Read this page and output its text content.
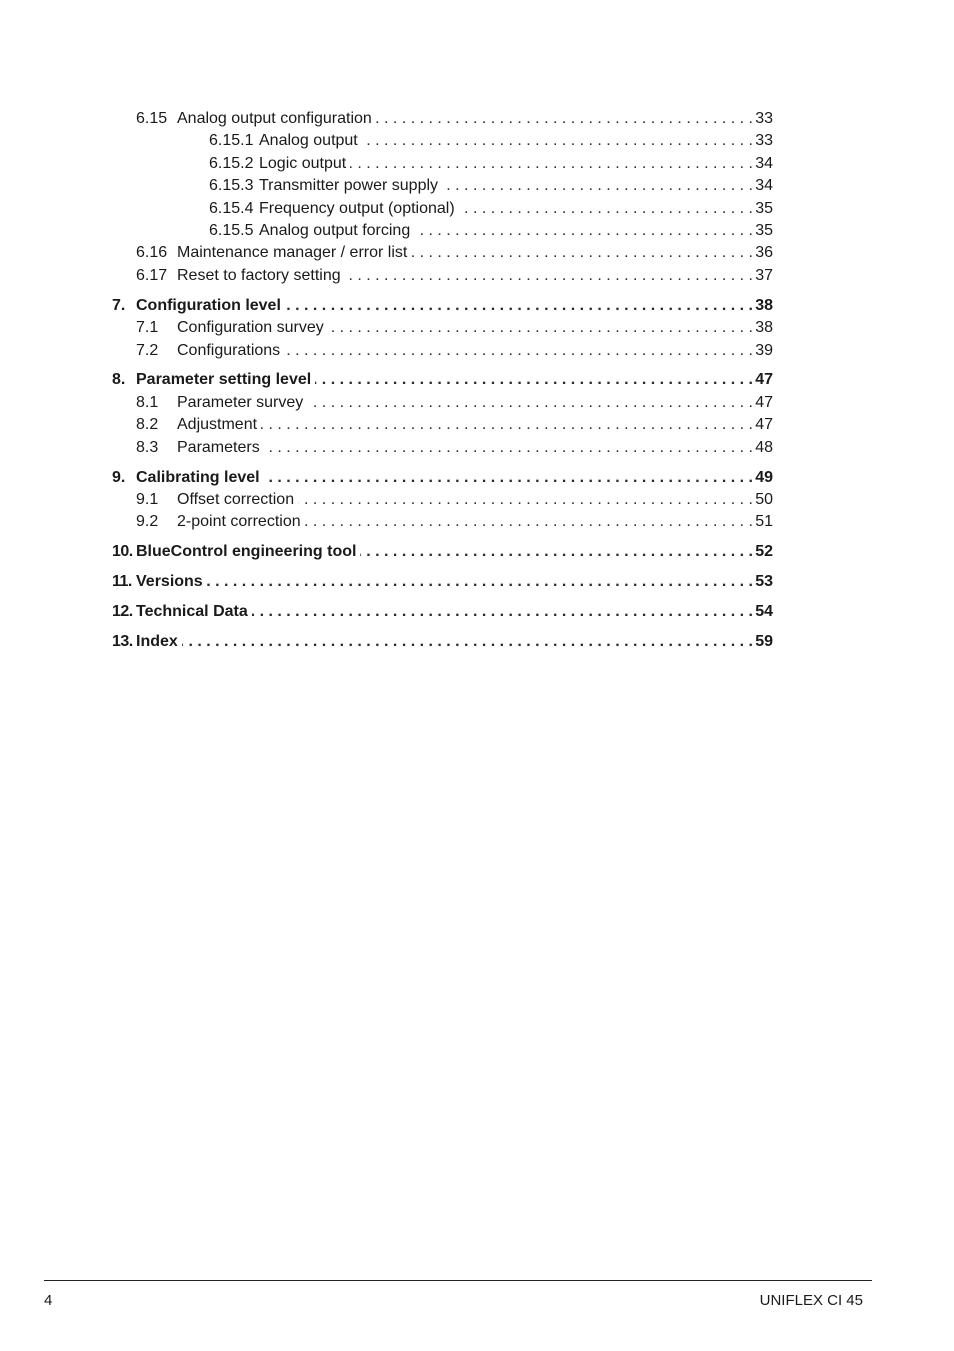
6.15 Analog output configuration . . .	33
6.15.1 Analog output . . .	33
6.15.2 Logic output . . .	34
6.15.3 Transmitter power supply . . .	34
6.15.4 Frequency output (optional) . . .	35
6.15.5 Analog output forcing . . .	35
6.16 Maintenance manager / error list . . .	36
6.17 Reset to factory setting . . .	37
7. Configuration level . . .	38
7.1	Configuration survey . . .	38
7.2	Configurations . . .	39
8. Parameter setting level . . .	47
8.1	Parameter survey . . .	47
8.2	Adjustment . . .	47
8.3	Parameters . . .	48
9. Calibrating level . . .	49
9.1	Offset correction . . .	50
9.2	2-point correction . . .	51
10. BlueControl engineering tool . . .	52
11. Versions . . .	53
12. Technical Data . . .	54
13. Index . . .	59
4	UNIFLEX CI 45
